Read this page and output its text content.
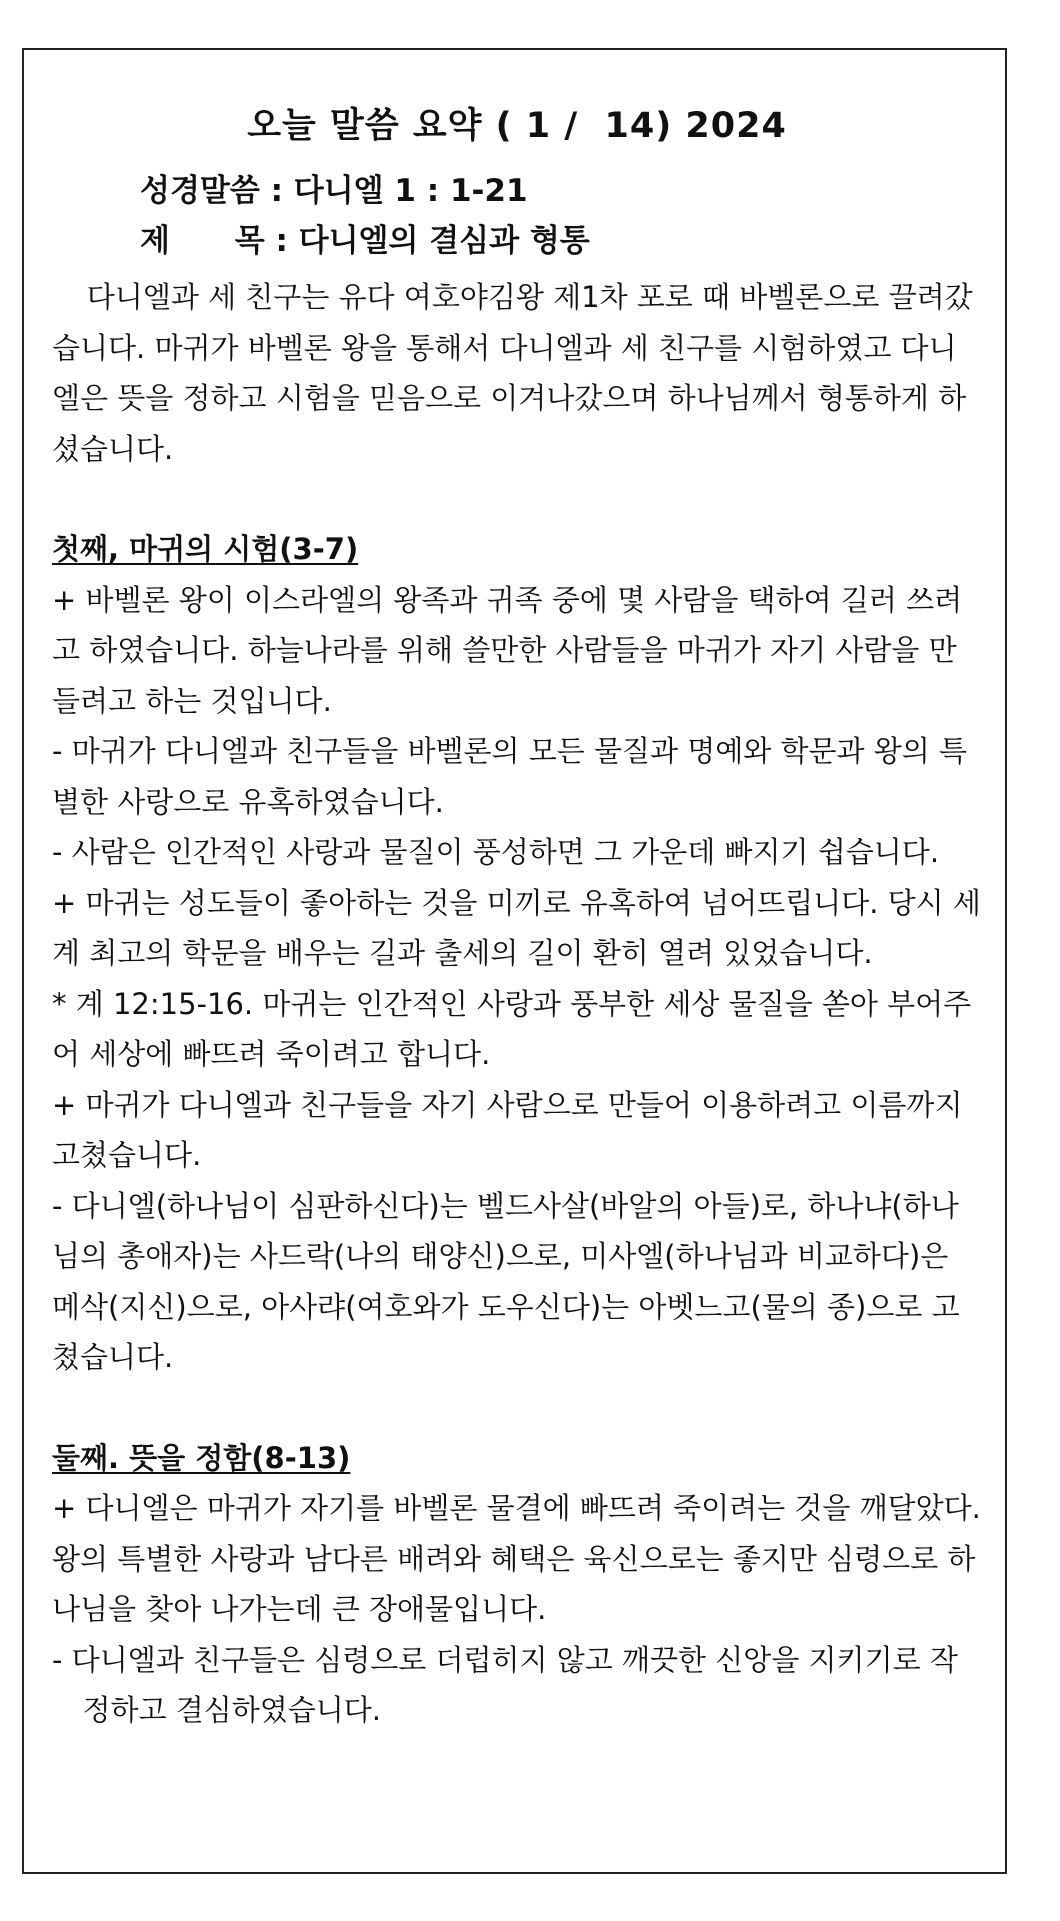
오늘 말씀 요약 ( 1 /  14) 2024
성경말씀 : 다니엘 1 : 1-21
제      목 : 다니엘의 결심과 형통

다니엘과 세 친구는 유다 여호야김왕 제1차 포로 때 바벨론으로 끌려갔습니다. 마귀가 바벨론 왕을 통해서 다니엘과 세 친구를 시험하였고 다니엘은 뜻을 정하고 시험을 믿음으로 이겨나갔으며 하나님께서 형통하게 하셨습니다.

첫째, 마귀의 시험(3-7)

+ 바벨론 왕이 이스라엘의 왕족과 귀족 중에 몇 사람을 택하여 길러 쓰려고 하였습니다. 하늘나라를 위해 쓸만한 사람들을 마귀가 자기 사람을 만들려고 하는 것입니다.

- 마귀가 다니엘과 친구들을 바벨론의 모든 물질과 명예와 학문과 왕의 특별한 사랑으로 유혹하였습니다.

- 사람은 인간적인 사랑과 물질이 풍성하면 그 가운데 빠지기 쉽습니다.

+ 마귀는 성도들이 좋아하는 것을 미끼로 유혹하여 넘어뜨립니다. 당시 세계 최고의 학문을 배우는 길과 출세의 길이 환히 열려 있었습니다.

* 계 12:15-16. 마귀는 인간적인 사랑과 풍부한 세상 물질을 쏟아 부어주어 세상에 빠뜨려 죽이려고 합니다.

+ 마귀가 다니엘과 친구들을 자기 사람으로 만들어 이용하려고 이름까지 고쳤습니다.

- 다니엘(하나님이 심판하신다)는 벨드사살(바알의 아들)로, 하나냐(하나님의 총애자)는 사드락(나의 태양신)으로, 미사엘(하나님과 비교하다)은 메삭(지신)으로, 아사랴(여호와가 도우신다)는 아벳느고(물의 종)으로 고쳤습니다.

둘째. 뜻을 정함(8-13)

+ 다니엘은 마귀가 자기를 바벨론 물결에 빠뜨려 죽이려는 것을 깨달았다. 왕의 특별한 사랑과 남다른 배려와 혜택은 육신으로는 좋지만 심령으로 하나님을 찾아 나가는데 큰 장애물입니다.

- 다니엘과 친구들은 심령으로 더럽히지 않고 깨끗한 신앙을 지키기로 작정하고 결심하였습니다.
